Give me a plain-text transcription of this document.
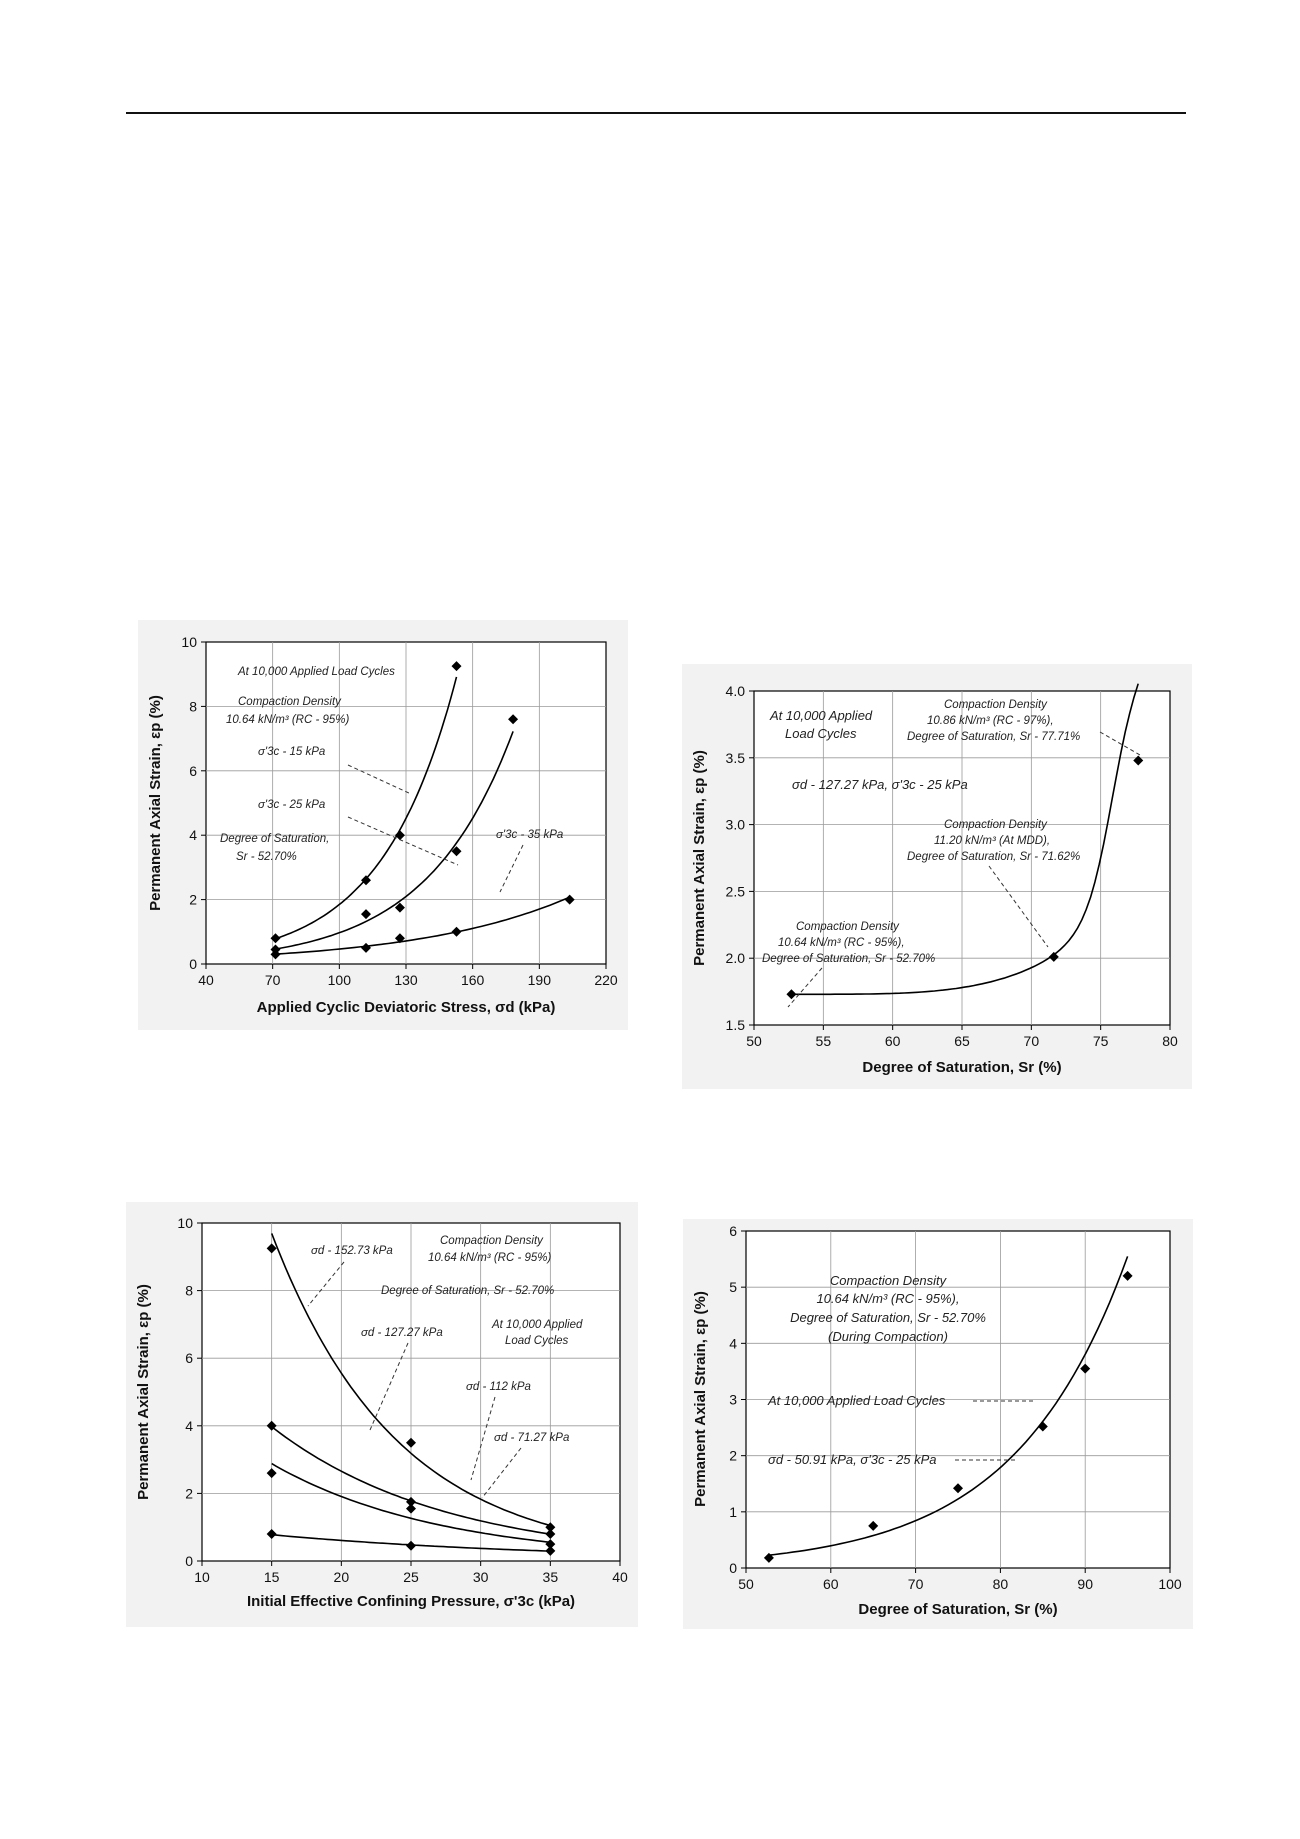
40	70	100	130	160	190	220
0
2
4
6
8
10
Applied Cyclic Deviatoric Stress, σd (kPa)
Permanent Axial Strain, εp (%)
At 10,000 Applied Load Cycles
Compaction Density
10.64 kN/m³ (RC - 95%)
σ'3c - 15 kPa
σ'3c - 25 kPa
σ'3c - 35 kPa
Degree of Saturation,
Sr - 52.70%
50	55	60	65	70	75	80
1.5
2.0
2.5
3.0
3.5
4.0
Degree of Saturation, Sr (%)
Permanent Axial Strain, εp (%)
At 10,000 Applied
Load Cycles
σd - 127.27 kPa, σ'3c - 25 kPa
Compaction Density
10.86 kN/m³ (RC - 97%),
Degree of Saturation, Sr - 77.71%
Compaction Density
11.20 kN/m³ (At MDD),
Degree of Saturation, Sr - 71.62%
Compaction Density
10.64 kN/m³ (RC - 95%),
Degree of Saturation, Sr - 52.70%
10	15	20	25	30	35	40
0
2
4
6
8
10
Initial Effective Confining Pressure, σ'3c (kPa)
Permanent Axial Strain, εp (%)
Compaction Density
10.64 kN/m³ (RC - 95%)
Degree of Saturation, Sr - 52.70%
At 10,000 Applied
Load Cycles
σd - 152.73 kPa
σd - 127.27 kPa
σd - 112 kPa
σd - 71.27 kPa
50	60	70	80	90	100
0
1
2
3
4
5
6
Degree of Saturation, Sr (%)
Permanent Axial Strain, εp (%)
Compaction Density
10.64 kN/m³ (RC - 95%),
Degree of Saturation, Sr - 52.70%
(During Compaction)
At 10,000 Applied Load Cycles
σd - 50.91 kPa, σ'3c - 25 kPa
